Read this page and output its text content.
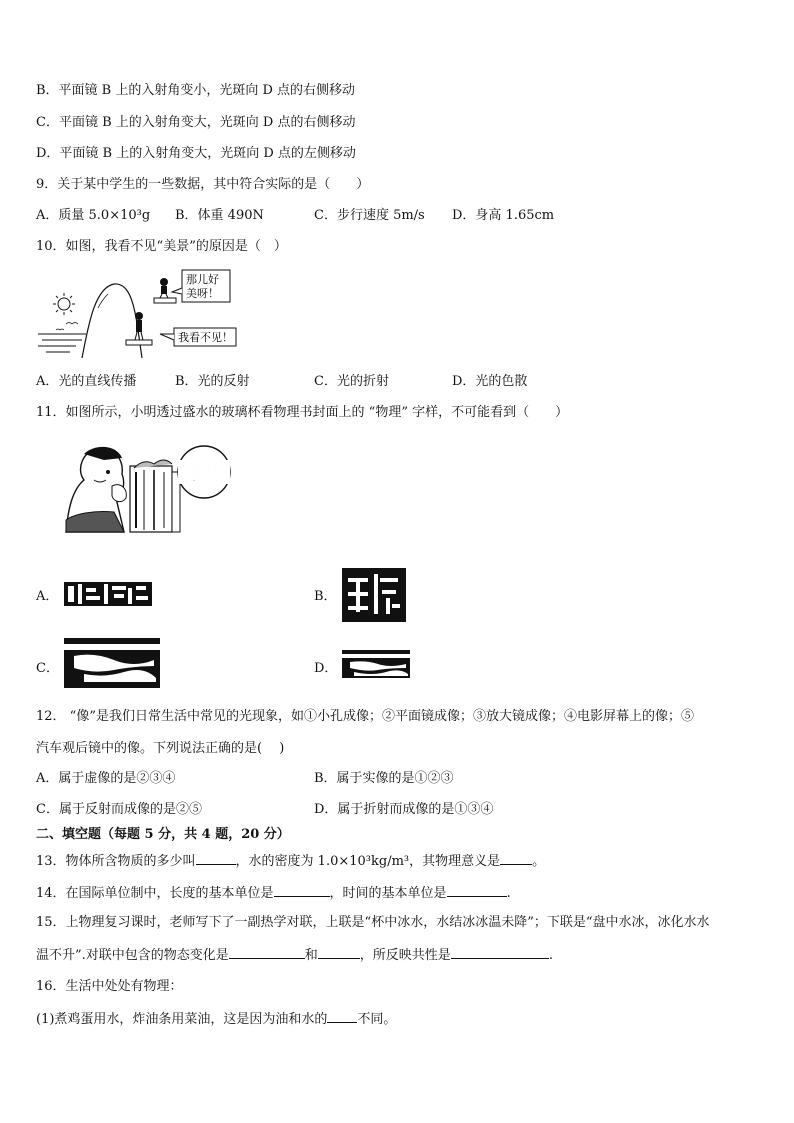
B．平面镜 B 上的入射角变小，光斑向 D 点的右侧移动
C．平面镜 B 上的入射角变大，光斑向 D 点的右侧移动
D．平面镜 B 上的入射角变大，光斑向 D 点的左侧移动
9．关于某中学生的一些数据，其中符合实际的是（　　）
A．质量 5.0×10³g B．体重 490N	C．步行速度 5m/s D．身高 1.65cm
10．如图，我看不见“美景”的原因是（　）
那儿好
美呀！
我看不见！
A．光的直线传播	B．光的反射	C．光的折射	D．光的色散
11．如图所示，小明透过盛水的玻璃杯看物理书封面上的 “物理” 字样，不可能看到（　　）
物理
A．	B．
C．	D．
12． “像”是我们日常生活中常见的光现象，如①小孔成像；②平面镜成像；③放大镜成像；④电影屏幕上的像；⑤
汽车观后镜中的像。下列说法正确的是(　 )
A．属于虚像的是②③④	B．属于实像的是①②③
C．属于反射而成像的是②⑤	D．属于折射而成像的是①③④
二、填空题（每题 5 分，共 4 题，20 分）
13．物体所含物质的多少叫	，水的密度为 1.0×10³kg/m³，其物理意义是 。
14．在国际单位制中，长度的基本单位是	，时间的基本单位是	.
15．上物理复习课时，老师写下了一副热学对联，上联是“杯中冰水，水结冰冰温未降”；下联是“盘中水冰，冰化水水
温不升”.对联中包含的物态变化是	和	，所反映共性是	.
16．生活中处处有物理：
(1)煮鸡蛋用水，炸油条用菜油，这是因为油和水的 不同。
